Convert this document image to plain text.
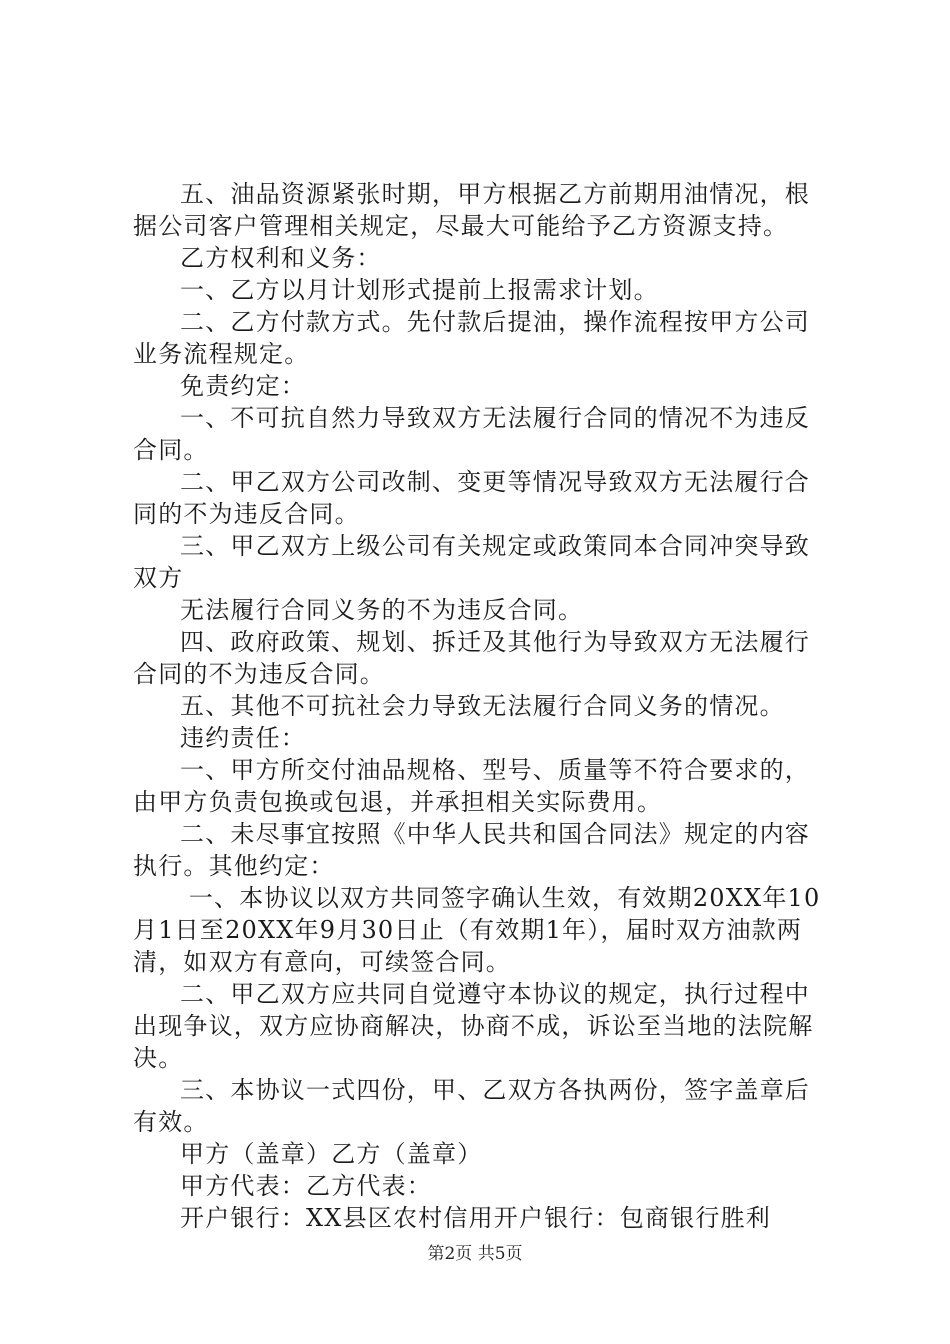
五、油品资源紧张时期，甲方根据乙方前期用油情况，根
据公司客户管理相关规定，尽最大可能给予乙方资源支持。
乙方权利和义务：
一、乙方以月计划形式提前上报需求计划。
二、乙方付款方式。先付款后提油，操作流程按甲方公司
业务流程规定。
免责约定：
一、不可抗自然力导致双方无法履行合同的情况不为违反
合同。
二、甲乙双方公司改制、变更等情况导致双方无法履行合
同的不为违反合同。
三、甲乙双方上级公司有关规定或政策同本合同冲突导致
双方
无法履行合同义务的不为违反合同。
四、政府政策、规划、拆迁及其他行为导致双方无法履行
合同的不为违反合同。
五、其他不可抗社会力导致无法履行合同义务的情况。
违约责任：
一、甲方所交付油品规格、型号、质量等不符合要求的，
由甲方负责包换或包退，并承担相关实际费用。
二、未尽事宜按照《中华人民共和国合同法》规定的内容
执行。其他约定：
一、本协议以双方共同签字确认生效，有效期20XX年10
月1日至20XX年9月30日止（有效期1年），届时双方油款两
清，如双方有意向，可续签合同。
二、甲乙双方应共同自觉遵守本协议的规定，执行过程中
出现争议，双方应协商解决，协商不成，诉讼至当地的法院解
决。
三、本协议一式四份，甲、乙双方各执两份，签字盖章后
有效。
甲方（盖章）乙方（盖章）
甲方代表：乙方代表：
开户银行：XX县区农村信用开户银行：包商银行胜利
第2页 共5页
